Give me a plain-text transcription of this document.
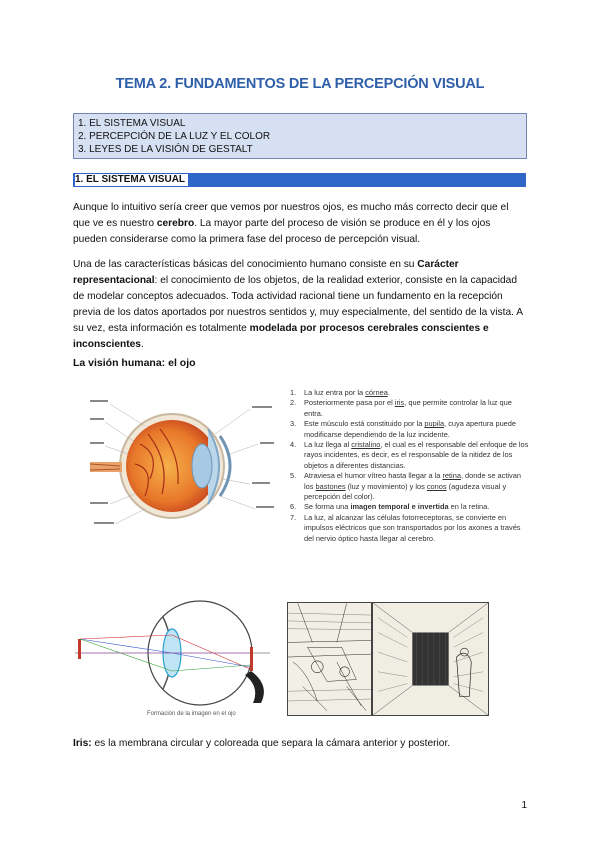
TEMA 2. FUNDAMENTOS DE LA PERCEPCIÓN VISUAL
1. EL SISTEMA VISUAL
2. PERCEPCIÓN DE LA LUZ Y EL COLOR
3. LEYES DE LA VISIÓN DE GESTALT
1. EL SISTEMA VISUAL
Aunque lo intuitivo sería creer que vemos por nuestros ojos, es mucho más correcto decir que el que ve es nuestro cerebro. La mayor parte del proceso de visión se produce en él y los ojos pueden considerarse como la primera fase del proceso de percepción visual.
Una de las características básicas del conocimiento humano consiste en su Carácter representacional: el conocimiento de los objetos, de la realidad exterior, consiste en la capacidad de modelar conceptos adecuados. Toda actividad racional tiene un fundamento en la recepción previa de los datos aportados por nuestros sentidos y, muy especialmente, del sentido de la vista. A su vez, esta información es totalmente modelada por procesos cerebrales conscientes e inconscientes.
La visión humana: el ojo
1. La luz entra por la córnea.
2. Posteriormente pasa por el iris, que permite controlar la luz que entra.
3. Este músculo está constituido por la pupila, cuya apertura puede modificarse dependiendo de la luz incidente.
4. La luz llega al cristalino, el cual es el responsable del enfoque de los rayos incidentes, es decir, es el responsable de la nitidez de los objetos a diferentes distancias.
5. Atraviesa el humor vítreo hasta llegar a la retina, donde se activan los bastones (luz y movimiento) y los conos (agudeza visual y percepción del color).
6. Se forma una imagen temporal e invertida en la retina.
7. La luz, al alcanzar las células fotorreceptoras, se convierte en impulsos eléctricos que son transportados por los axones a través del nervio óptico hasta llegar al cerebro.
Formación de la imagen en el ojo
Iris: es la membrana circular y coloreada que separa la cámara anterior y posterior.
1
